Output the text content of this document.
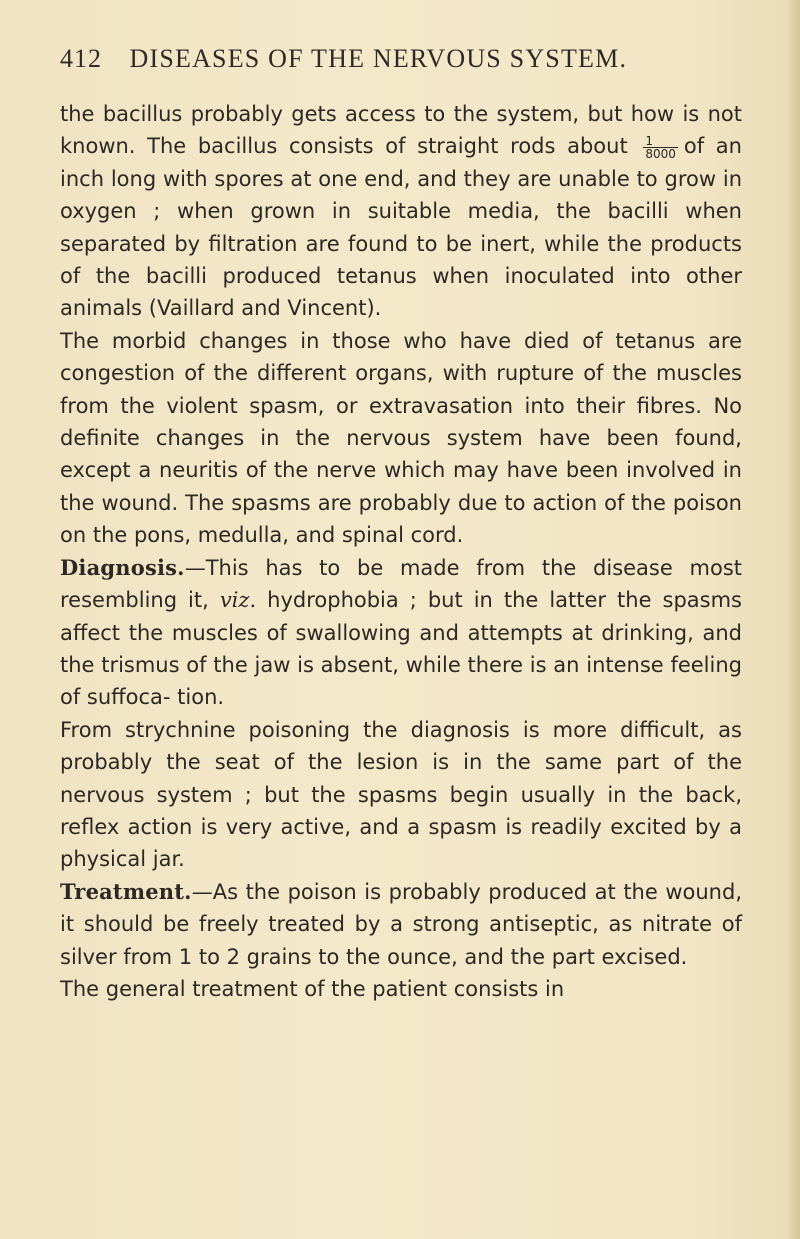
412 DISEASES OF THE NERVOUS SYSTEM.

the bacillus probably gets access to the system, but how is not known. The bacillus consists of straight rods about $\frac{1}{8000}$ of an inch long with spores at one end, and they are unable to grow in oxygen ; when grown in suitable media, the bacilli when separated by filtration are found to be inert, while the products of the bacilli produced tetanus when inoculated into other animals (Vaillard and Vincent).

The morbid changes in those who have died of tetanus are congestion of the different organs, with rupture of the muscles from the violent spasm, or extravasation into their fibres. No definite changes in the nervous system have been found, except a neuritis of the nerve which may have been involved in the wound. The spasms are probably due to action of the poison on the pons, medulla, and spinal cord.

Diagnosis.—This has to be made from the disease most resembling it, viz. hydrophobia ; but in the latter the spasms affect the muscles of swallowing and attempts at drinking, and the trismus of the jaw is absent, while there is an intense feeling of suffoca- tion.

From strychnine poisoning the diagnosis is more difficult, as probably the seat of the lesion is in the same part of the nervous system ; but the spasms begin usually in the back, reflex action is very active, and a spasm is readily excited by a physical jar.

Treatment.—As the poison is probably produced at the wound, it should be freely treated by a strong antiseptic, as nitrate of silver from 1 to 2 grains to the ounce, and the part excised.

The general treatment of the patient consists in
